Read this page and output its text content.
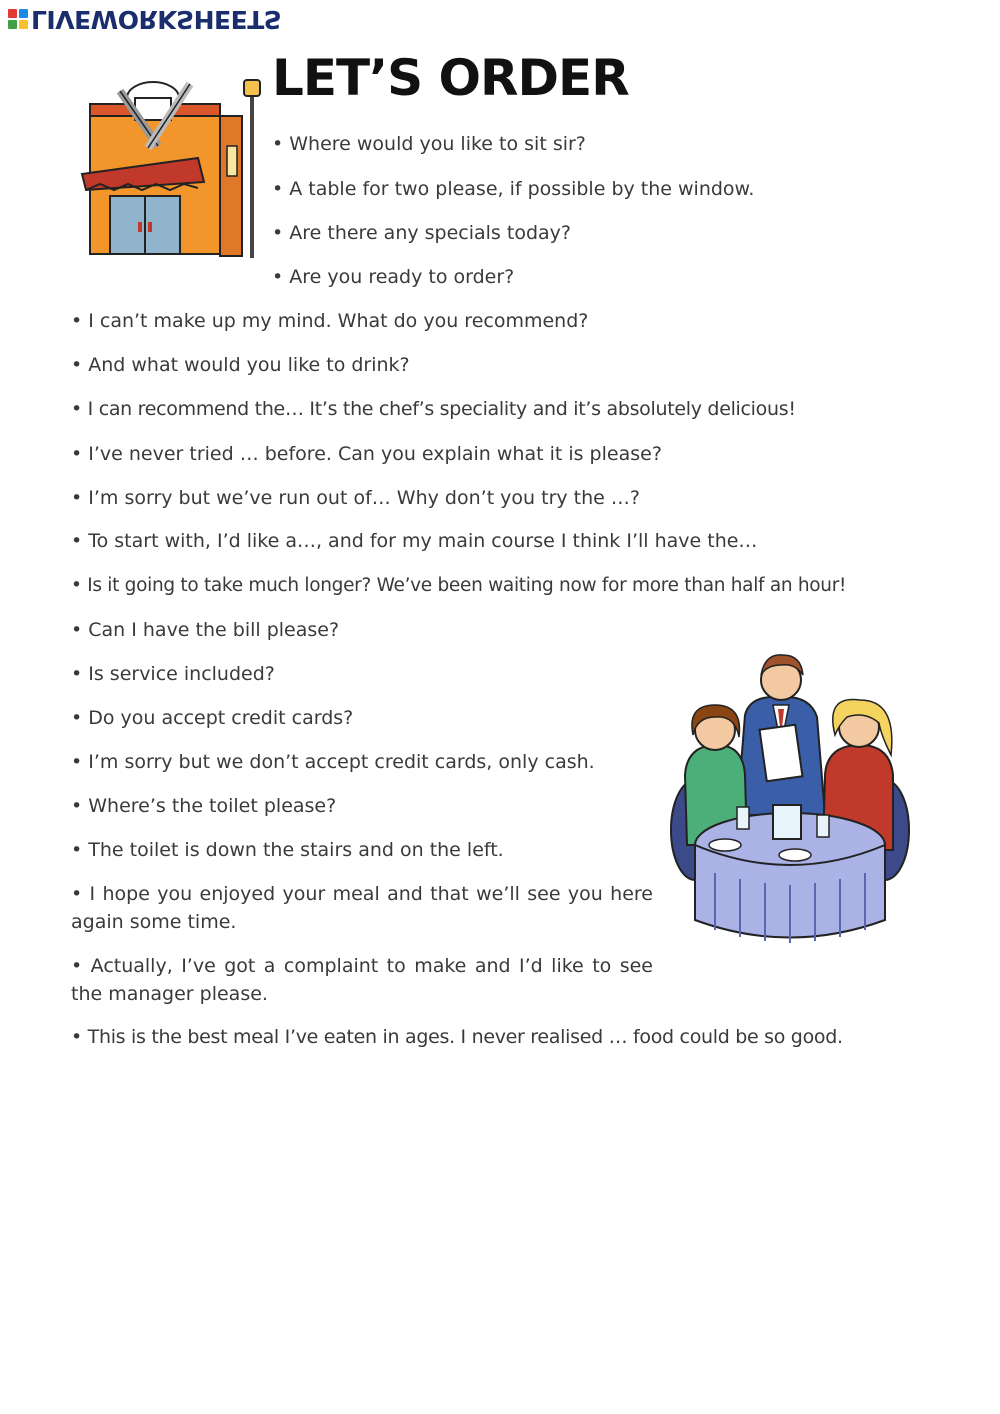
LIVEWORKSHEETS
LET’S ORDER

• Where would you like to sit sir?

• A table for two please, if possible by the window.

• Are there any specials today?

• Are you ready to order?

• I can’t make up my mind. What do you recommend?

• And what would you like to drink?

• I can recommend the… It’s the chef’s speciality and it’s absolutely delicious!

• I’ve never tried … before. Can you explain what it is please?

• I’m sorry but we’ve run out of… Why don’t you try the …?

• To start with, I’d like a…, and for my main course I think I’ll have the…

• Is it going to take much longer? We’ve been waiting now for more than half an hour!

• Can I have the bill please?

• Is service included?

• Do you accept credit cards?

• I’m sorry but we don’t accept credit cards, only cash.

• Where’s the toilet please?

• The toilet is down the stairs and on the left.

• I hope you enjoyed your meal and that we’ll see you here again some time.

• Actually, I’ve got a complaint to make and I’d like to see the manager please.

• This is the best meal I’ve eaten in ages. I never realised … food could be so good.
